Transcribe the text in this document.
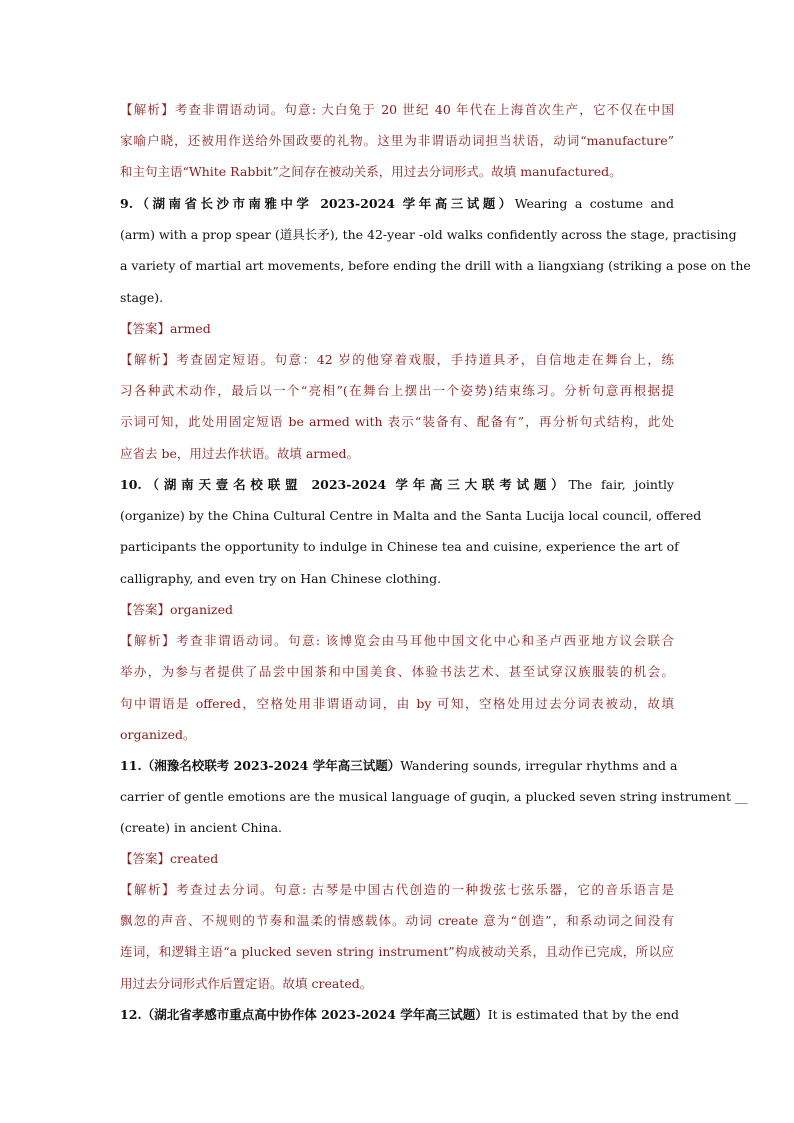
【解析】考查非谓语动词。句意: 大白兔于 20 世纪 40 年代在上海首次生产，它不仅在中国
家喻户晓，还被用作送给外国政要的礼物。这里为非谓语动词担当状语，动词“manufacture”
和主句主语“White Rabbit”之间存在被动关系，用过去分词形式。故填 manufactured。
9.（湖南省长沙市南雅中学 2023-2024 学年高三试题）Wearing a costume and
(arm) with a prop spear (道具长矛), the 42-year -old walks confidently across the stage, practising
a variety of martial art movements, before ending the drill with a liangxiang (striking a pose on the
stage).
【答案】armed
【解析】考查固定短语。句意：42 岁的他穿着戏服，手持道具矛，自信地走在舞台上，练
习各种武术动作，最后以一个“亮相”(在舞台上摆出一个姿势)结束练习。分析句意再根据提
示词可知，此处用固定短语 be armed with 表示“装备有、配备有”，再分析句式结构，此处
应省去 be，用过去作状语。故填 armed。
10.（湖南天壹名校联盟 2023-2024 学年高三大联考试题）The fair, jointly
(organize) by the China Cultural Centre in Malta and the Santa Lucija local council, offered
participants the opportunity to indulge in Chinese tea and cuisine, experience the art of
calligraphy, and even try on Han Chinese clothing.
【答案】organized
【解析】考查非谓语动词。句意: 该博览会由马耳他中国文化中心和圣卢西亚地方议会联合
举办，为参与者提供了品尝中国茶和中国美食、体验书法艺术、甚至试穿汉族服装的机会。
句中谓语是 offered，空格处用非谓语动词，由 by 可知，空格处用过去分词表被动，故填
organized。
11.（湘豫名校联考 2023-2024 学年高三试题）Wandering sounds, irregular rhythms and a
carrier of gentle emotions are the musical language of guqin, a plucked seven string instrument __
(create) in ancient China.
【答案】created
【解析】考查过去分词。句意: 古琴是中国古代创造的一种拨弦七弦乐器，它的音乐语言是
飘忽的声音、不规则的节奏和温柔的情感载体。动词 create 意为“创造”，和系动词之间没有
连词，和逻辑主语“a plucked seven string instrument”构成被动关系，且动作已完成，所以应
用过去分词形式作后置定语。故填 created。
12.（湖北省孝感市重点高中协作体 2023-2024 学年高三试题）It is estimated that by the end
